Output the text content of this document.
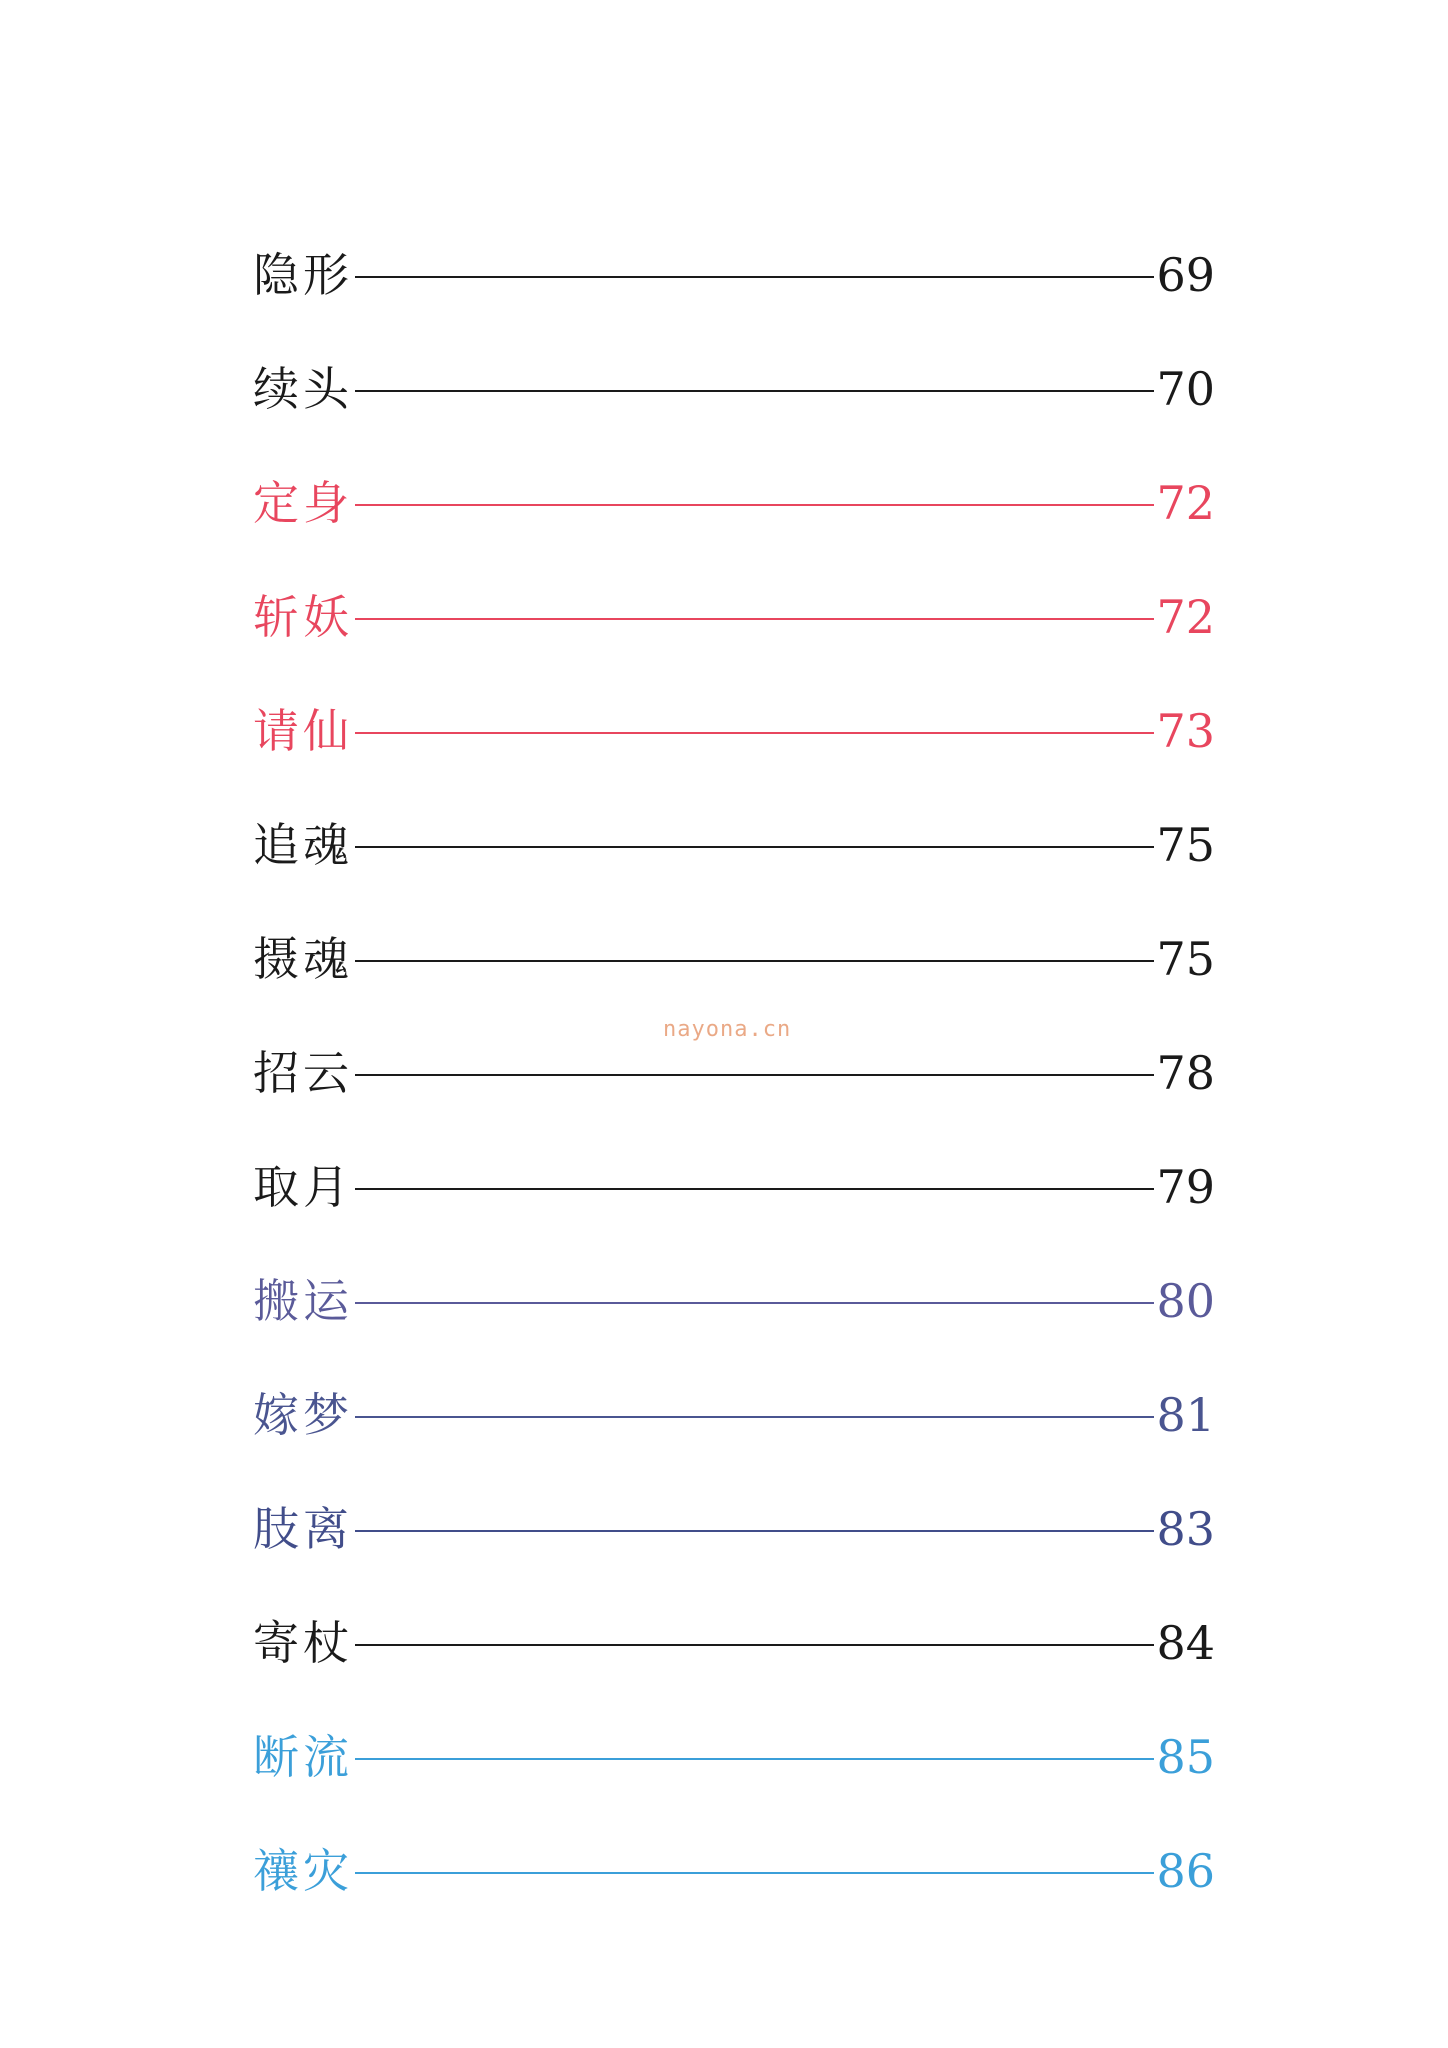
隐形	69
续头	70
定身	72
斩妖	72
请仙	73
追魂	75
摄魂	75
招云	78
取月	79
搬运	80
嫁梦	81
肢离	83
寄杖	84
断流	85
禳灾	86
nayona.cn
